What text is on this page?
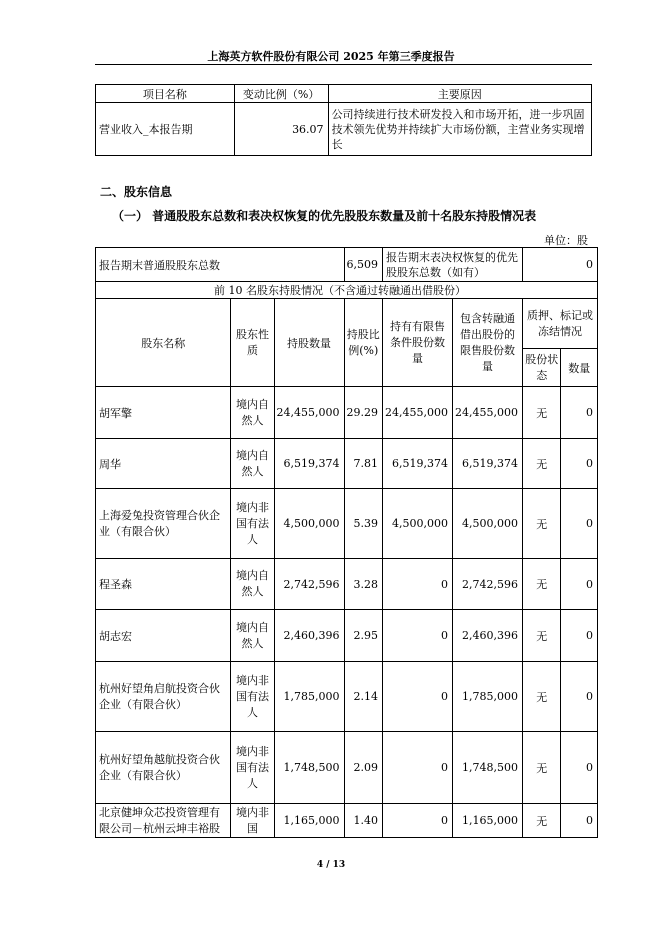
上海英方软件股份有限公司 2025 年第三季度报告
项目名称	变动比例（%）	主要原因
营业收入_本报告期	36.07	公司持续进行技术研发投入和市场开拓，进一步巩固技术领先优势并持续扩大市场份额，主营业务实现增长
二、股东信息
（一） 普通股股东总数和表决权恢复的优先股股东数量及前十名股东持股情况表
单位：股
报告期末普通股股东总数			6,509	报告期末表决权恢复的优先股股东总数（如有）		0	
前 10 名股东持股情况（不含通过转融通出借股份）							
股东名称	股东性质	持股数量	持股比例(%)	持有有限售条件股份数量	包含转融通借出股份的限售股份数量	质押、标记或冻结情况	
						股份状态	数量
胡军擎	境内自然人	24,455,000	29.29	24,455,000	24,455,000	无	0
周华	境内自然人	6,519,374	7.81	6,519,374	6,519,374	无	0
上海爱兔投资管理合伙企业（有限合伙）	境内非国有法人	4,500,000	5.39	4,500,000	4,500,000	无	0
程圣森	境内自然人	2,742,596	3.28	0	2,742,596	无	0
胡志宏	境内自然人	2,460,396	2.95	0	2,460,396	无	0
杭州好望角启航投资合伙企业（有限合伙）	境内非国有法人	1,785,000	2.14	0	1,785,000	无	0
杭州好望角越航投资合伙企业（有限合伙）	境内非国有法人	1,748,500	2.09	0	1,748,500	无	0
北京健坤众芯投资管理有限公司－杭州云坤丰裕股	境内非国	1,165,000	1.40	0	1,165,000	无	0
4 / 13
